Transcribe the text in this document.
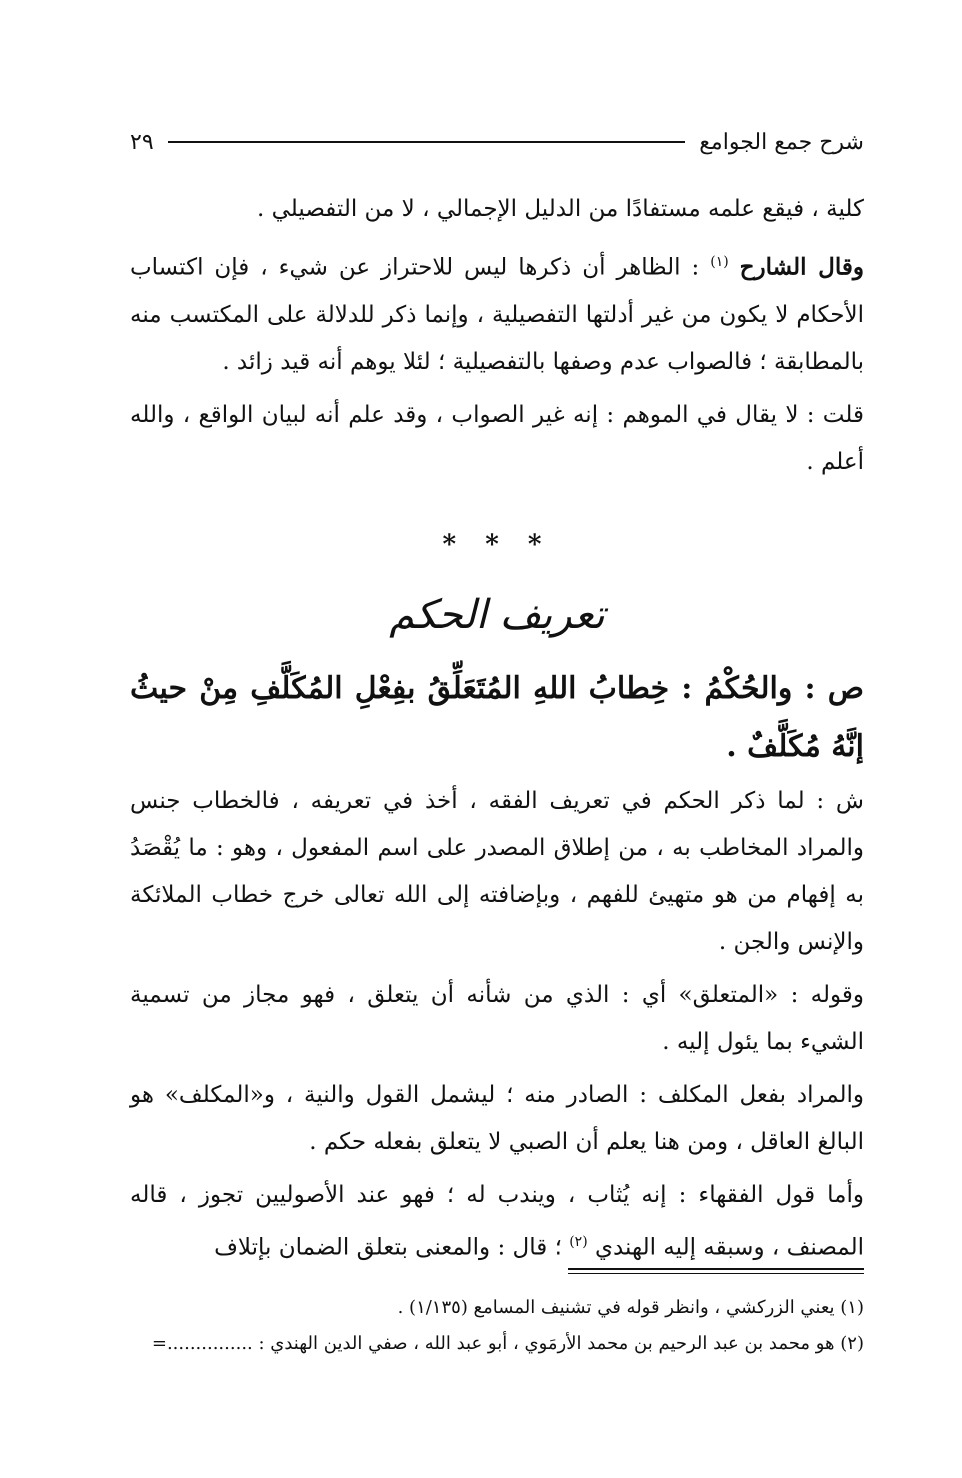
شرح جمع الجوامع
٢٩

كلية ، فيقع علمه مستفادًا من الدليل الإجمالي ، لا من التفصيلي .

وقال الشارح $^{(١)}$ : الظاهر أن ذكرها ليس للاحتراز عن شيء ، فإن اكتساب الأحكام لا يكون من غير أدلتها التفصيلية ، وإنما ذكر للدلالة على المكتسب منه بالمطابقة ؛ فالصواب عدم وصفها بالتفصيلية ؛ لئلا يوهم أنه قيد زائد .

قلت : لا يقال في الموهم : إنه غير الصواب ، وقد علم أنه لبيان الواقع ، والله أعلم .

* * *
تعريف الحكم
ص : والحُكْمُ : خِطابُ اللهِ المُتَعَلِّقُ بفِعْلِ المُكَلَّفِ مِنْ حيثُ إنَّهُ مُكَلَّفٌ .

ش : لما ذكر الحكم في تعريف الفقه ، أخذ في تعريفه ، فالخطاب جنس والمراد المخاطب به ، من إطلاق المصدر على اسم المفعول ، وهو : ما يُقْصَدُ به إفهام من هو متهيئ للفهم ، وبإضافته إلى الله تعالى خرج خطاب الملائكة والإنس والجن .

وقوله : «المتعلق» أي : الذي من شأنه أن يتعلق ، فهو مجاز من تسمية الشيء بما يئول إليه .

والمراد بفعل المكلف : الصادر منه ؛ ليشمل القول والنية ، و«المكلف» هو البالغ العاقل ، ومن هنا يعلم أن الصبي لا يتعلق بفعله حكم .

وأما قول الفقهاء : إنه يُثاب ، ويندب له ؛ فهو عند الأصوليين تجوز ، قاله المصنف ، وسبقه إليه الهندي $^{(٢)}$ ؛ قال : والمعنى بتعلق الضمان بإتلاف

(١) يعني الزركشي ، وانظر قوله في تشنيف المسامع (١/١٣٥) .

(٢) هو محمد بن عبد الرحيم بن محمد الأرمَوي ، أبو عبد الله ، صفي الدين الهندي : ...............=
